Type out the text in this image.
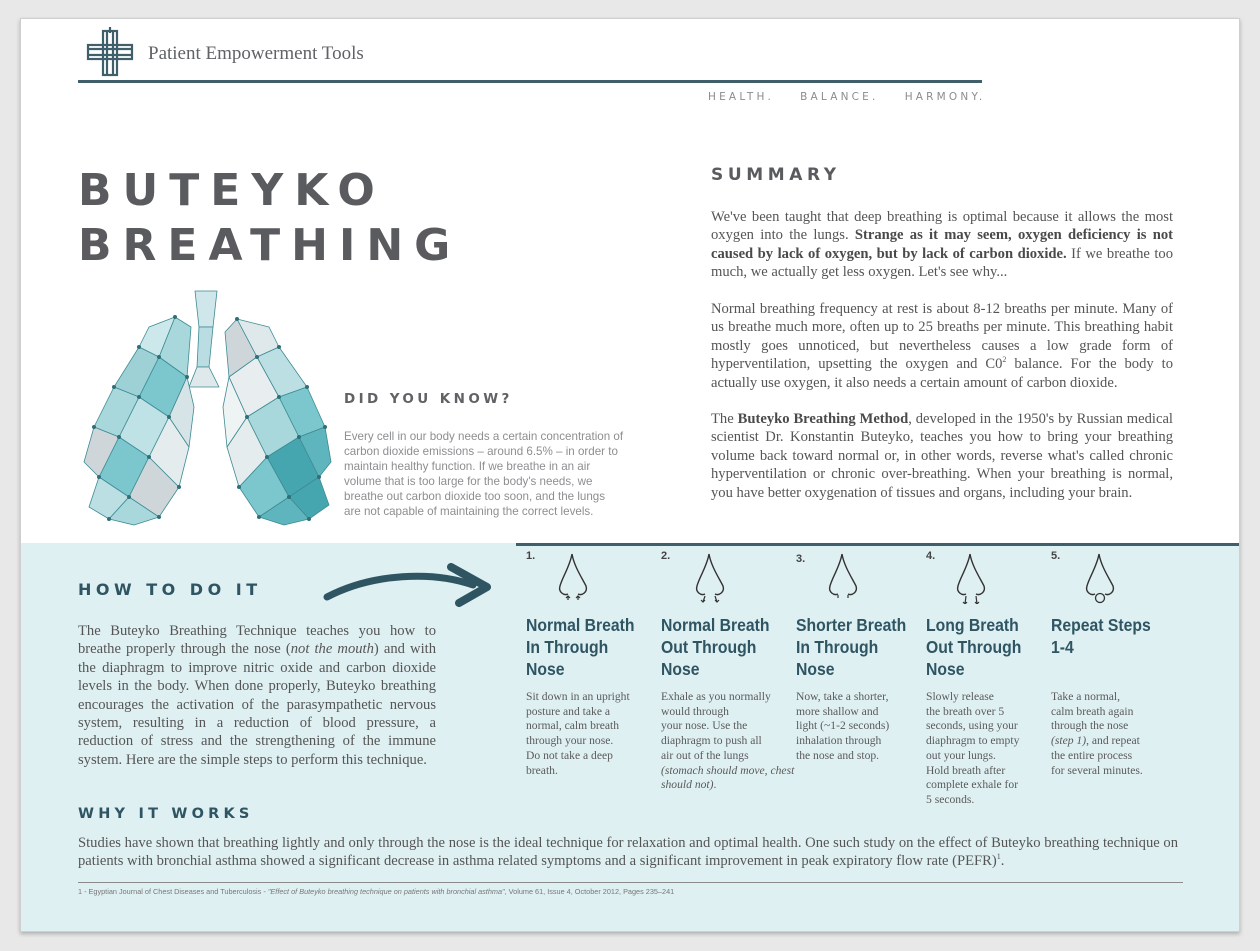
Patient Empowerment Tools
HEALTH.    BALANCE.    HARMONY.
BUTEYKO
BREATHING
DID YOU KNOW?
Every cell in our body needs a certain concentration of carbon dioxide emissions – around 6.5% – in order to maintain healthy function. If we breathe in an air volume that is too large for the body's needs, we breathe out carbon dioxide too soon, and the lungs are not capable of maintaining the correct levels.
SUMMARY
We've been taught that deep breathing is optimal because it allows the most oxygen into the lungs. Strange as it may seem, oxygen deficiency is not caused by lack of oxygen, but by lack of carbon dioxide. If we breathe too much, we actually get less oxygen. Let's see why...
Normal breathing frequency at rest is about 8-12 breaths per minute. Many of us breathe much more, often up to 25 breaths per minute. This breathing habit mostly goes unnoticed, but nevertheless causes a low grade form of hyperventilation, upsetting the oxygen and $C0^2$ balance. For the body to actually use oxygen, it also needs a certain amount of carbon dioxide.
The Buteyko Breathing Method, developed in the 1950's by Russian medical scientist Dr. Konstantin Buteyko, teaches you how to bring your breathing volume back toward normal or, in other words, reverse what's called chronic hyperventilation or chronic over-breathing. When your breathing is normal, you have better oxygenation of tissues and organs, including your brain.
HOW TO DO IT
The Buteyko Breathing Technique teaches you how to breathe properly through the nose (not the mouth) and with the diaphragm to improve nitric oxide and carbon dioxide levels in the body. When done properly, Buteyko breathing encourages the activation of the parasympathetic nervous system, resulting in a reduction of blood pressure, a reduction of stress and the strengthening of the immune system. Here are the simple steps to perform this technique.
1.
Normal Breath In Through Nose
Sit down in an upright
posture and take a
normal, calm breath
through your nose.
Do not take a deep
breath.
2.
Normal Breath Out Through Nose
Exhale as you normally
would through
your nose. Use the
diaphragm to push all
air out of the lungs
(stomach should move, chest
should not).
3.
Shorter Breath In Through Nose
Now, take a shorter,
more shallow and
light (~1-2 seconds)
inhalation through
the nose and stop.
4.
Long Breath Out Through Nose
Slowly release
the breath over 5
seconds, using your
diaphragm to empty
out your lungs.
Hold breath after
complete exhale for
5 seconds.
5.
Repeat Steps 1-4
Take a normal,
calm breath again
through the nose
(step 1), and repeat
the entire process
for several minutes.
WHY IT WORKS
Studies have shown that breathing lightly and only through the nose is the ideal technique for relaxation and optimal health. One such study on the effect of Buteyko breathing technique on patients with bronchial asthma showed a significant decrease in asthma related symptoms and a significant improvement in peak expiratory flow rate (PEFR)$^1$.
1 - Egyptian Journal of Chest Diseases and Tuberculosis - "Effect of Buteyko breathing technique on patients with bronchial asthma", Volume 61, Issue 4, October 2012, Pages 235–241
